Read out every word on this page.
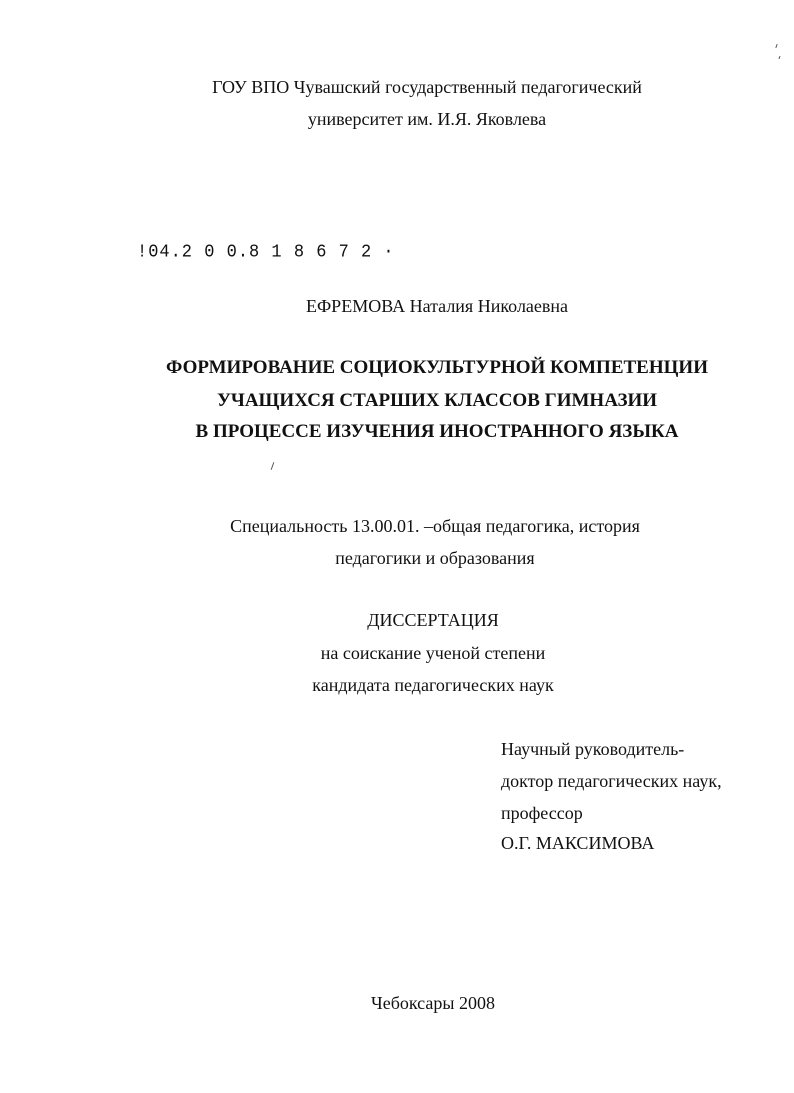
ГОУ ВПО Чувашский государственный педагогический
университет им. И.Я. Яковлева
!04.2 0 0.8 1 8 6 7 2 ·
ЕФРЕМОВА Наталия Николаевна
ФОРМИРОВАНИЕ СОЦИОКУЛЬТУРНОЙ КОМПЕТЕНЦИИ
УЧАЩИХСЯ СТАРШИХ КЛАССОВ ГИМНАЗИИ
В ПРОЦЕССЕ ИЗУЧЕНИЯ ИНОСТРАННОГО ЯЗЫКА
Специальность 13.00.01. –общая педагогика, история
педагогики и образования
ДИССЕРТАЦИЯ
на соискание ученой степени
кандидата педагогических наук
Научный руководитель-
доктор педагогических наук,
профессор
О.Г. МАКСИМОВА
Чебоксары 2008
